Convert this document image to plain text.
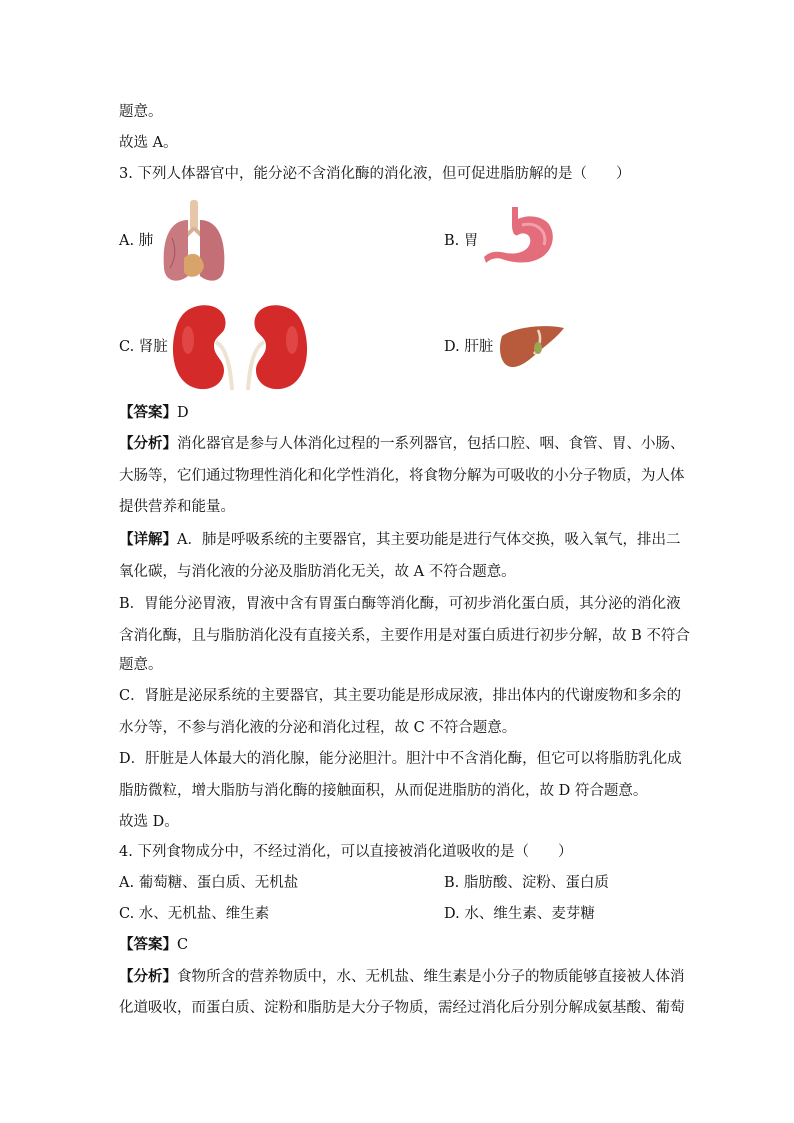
题意。
故选 A。
3. 下列人体器官中，能分泌不含消化酶的消化液，但可促进脂肪解的是（　　）
A. 肺	B. 胃
C. 肾脏	D. 肝脏
【答案】D
【分析】消化器官是参与人体消化过程的一系列器官，包括口腔、咽、食管、胃、小肠、
大肠等，它们通过物理性消化和化学性消化，将食物分解为可吸收的小分子物质，为人体
提供营养和能量。
【详解】A．肺是呼吸系统的主要器官，其主要功能是进行气体交换，吸入氧气，排出二
氧化碳，与消化液的分泌及脂肪消化无关，故 A 不符合题意。
B．胃能分泌胃液，胃液中含有胃蛋白酶等消化酶，可初步消化蛋白质，其分泌的消化液
含消化酶，且与脂肪消化没有直接关系，主要作用是对蛋白质进行初步分解，故 B 不符合
题意。
C．肾脏是泌尿系统的主要器官，其主要功能是形成尿液，排出体内的代谢废物和多余的
水分等，不参与消化液的分泌和消化过程，故 C 不符合题意。
D．肝脏是人体最大的消化腺，能分泌胆汁。胆汁中不含消化酶，但它可以将脂肪乳化成
脂肪微粒，增大脂肪与消化酶的接触面积，从而促进脂肪的消化，故 D 符合题意。
故选 D。
4. 下列食物成分中，不经过消化，可以直接被消化道吸收的是（　　）
A. 葡萄糖、蛋白质、无机盐	B. 脂肪酸、淀粉、蛋白质
C. 水、无机盐、维生素	D. 水、维生素、麦芽糖
【答案】C
【分析】食物所含的营养物质中，水、无机盐、维生素是小分子的物质能够直接被人体消
化道吸收，而蛋白质、淀粉和脂肪是大分子物质，需经过消化后分别分解成氨基酸、葡萄
